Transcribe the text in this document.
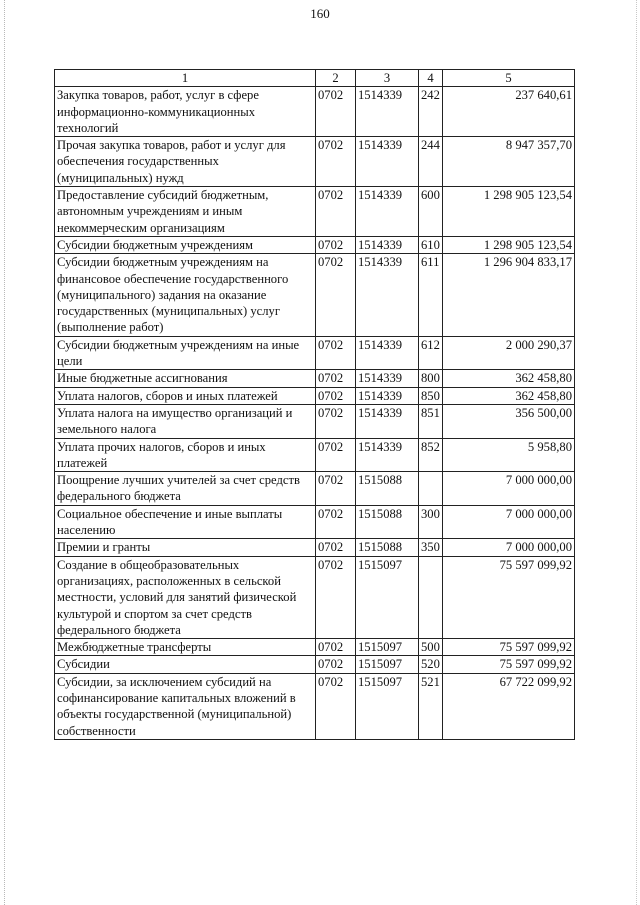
160
1	2	3	4	5
Закупка товаров, работ, услуг в сфере информационно-коммуникационных технологий	0702	1514339	242	237 640,61
Прочая закупка товаров, работ и услуг для обеспечения государственных (муниципальных) нужд	0702	1514339	244	8 947 357,70
Предоставление субсидий бюджетным, автономным учреждениям и иным некоммерческим организациям	0702	1514339	600	1 298 905 123,54
Субсидии бюджетным учреждениям	0702	1514339	610	1 298 905 123,54
Субсидии бюджетным учреждениям на финансовое обеспечение государственного (муниципального) задания на оказание государственных (муниципальных) услуг (выполнение работ)	0702	1514339	611	1 296 904 833,17
Субсидии бюджетным учреждениям на иные цели	0702	1514339	612	2 000 290,37
Иные бюджетные ассигнования	0702	1514339	800	362 458,80
Уплата налогов, сборов и иных платежей	0702	1514339	850	362 458,80
Уплата налога на имущество организаций и земельного налога	0702	1514339	851	356 500,00
Уплата прочих налогов, сборов и иных платежей	0702	1514339	852	5 958,80
Поощрение лучших учителей за счет средств федерального бюджета	0702	1515088		7 000 000,00
Социальное обеспечение и иные выплаты населению	0702	1515088	300	7 000 000,00
Премии и гранты	0702	1515088	350	7 000 000,00
Создание в общеобразовательных организациях, расположенных в сельской местности, условий для занятий физической культурой и спортом за счет средств федерального бюджета	0702	1515097		75 597 099,92
Межбюджетные трансферты	0702	1515097	500	75 597 099,92
Субсидии	0702	1515097	520	75 597 099,92
Субсидии, за исключением субсидий на софинансирование капитальных вложений в объекты государственной (муниципальной) собственности	0702	1515097	521	67 722 099,92
